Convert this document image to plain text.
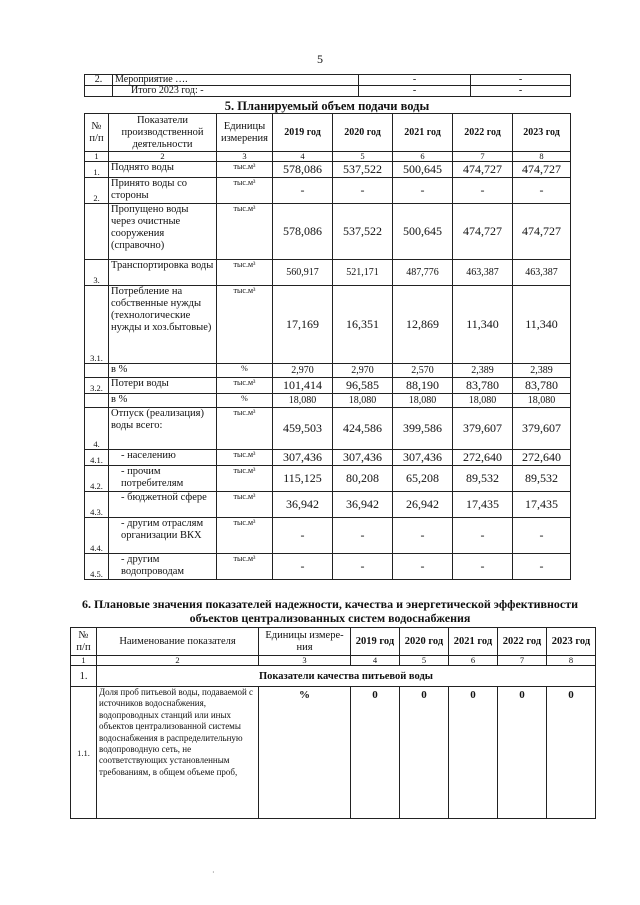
5
2.	Мероприятие ….	-	-
	Итого 2023 год: -	-	-
5. Планируемый объем подачи воды
№ п/п	Показатели производственной деятельности	Единицы измерения	2019 год	2020 год	2021 год	2022 год	2023 год
1	2	3	4	5	6	7	8
1.	Поднято воды	тыс.м³	578,086	537,522	500,645	474,727	474,727
2.	Принято воды со стороны	тыс.м³	-	-	-	-	-
	Пропущено воды через очистные сооружения (справочно)	тыс.м³	578,086	537,522	500,645	474,727	474,727
3.	Транспортировка воды	тыс.м³	560,917	521,171	487,776	463,387	463,387
3.1.	Потребление на собственные нужды (технологические нужды и хоз.бытовые)	тыс.м³	17,169	16,351	12,869	11,340	11,340
	в %	%	2,970	2,970	2,570	2,389	2,389
3.2.	Потери воды	тыс.м³	101,414	96,585	88,190	83,780	83,780
	в %	%	18,080	18,080	18,080	18,080	18,080
4.	Отпуск (реализация) воды всего:	тыс.м³	459,503	424,586	399,586	379,607	379,607
4.1.	- населению	тыс.м³	307,436	307,436	307,436	272,640	272,640
4.2.	- прочим потребителям	тыс.м³	115,125	80,208	65,208	89,532	89,532
4.3.	- бюджетной сфере	тыс.м³	36,942	36,942	26,942	17,435	17,435
4.4.	- другим отраслям организации ВКХ	тыс.м³	-	-	-	-	-
4.5.	- другим водопроводам	тыс.м³	-	-	-	-	-
6. Плановые значения показателей надежности, качества и энергетической эффективности объектов централизованных систем водоснабжения
№ п/п	Наименование показателя	Единицы измере-ния	2019 год	2020 год	2021 год	2022 год	2023 год
1	2	3	4	5	6	7	8
1.	Показатели качества питьевой воды						
1.1.	Доля проб питьевой воды, подаваемой с источников водоснабжения, водопроводных станций или иных объектов централизованной системы водоснабжения в распределительную водопроводную сеть, не соответствующих установленным требованиям, в общем объеме проб,	%	0	0	0	0	0
·
